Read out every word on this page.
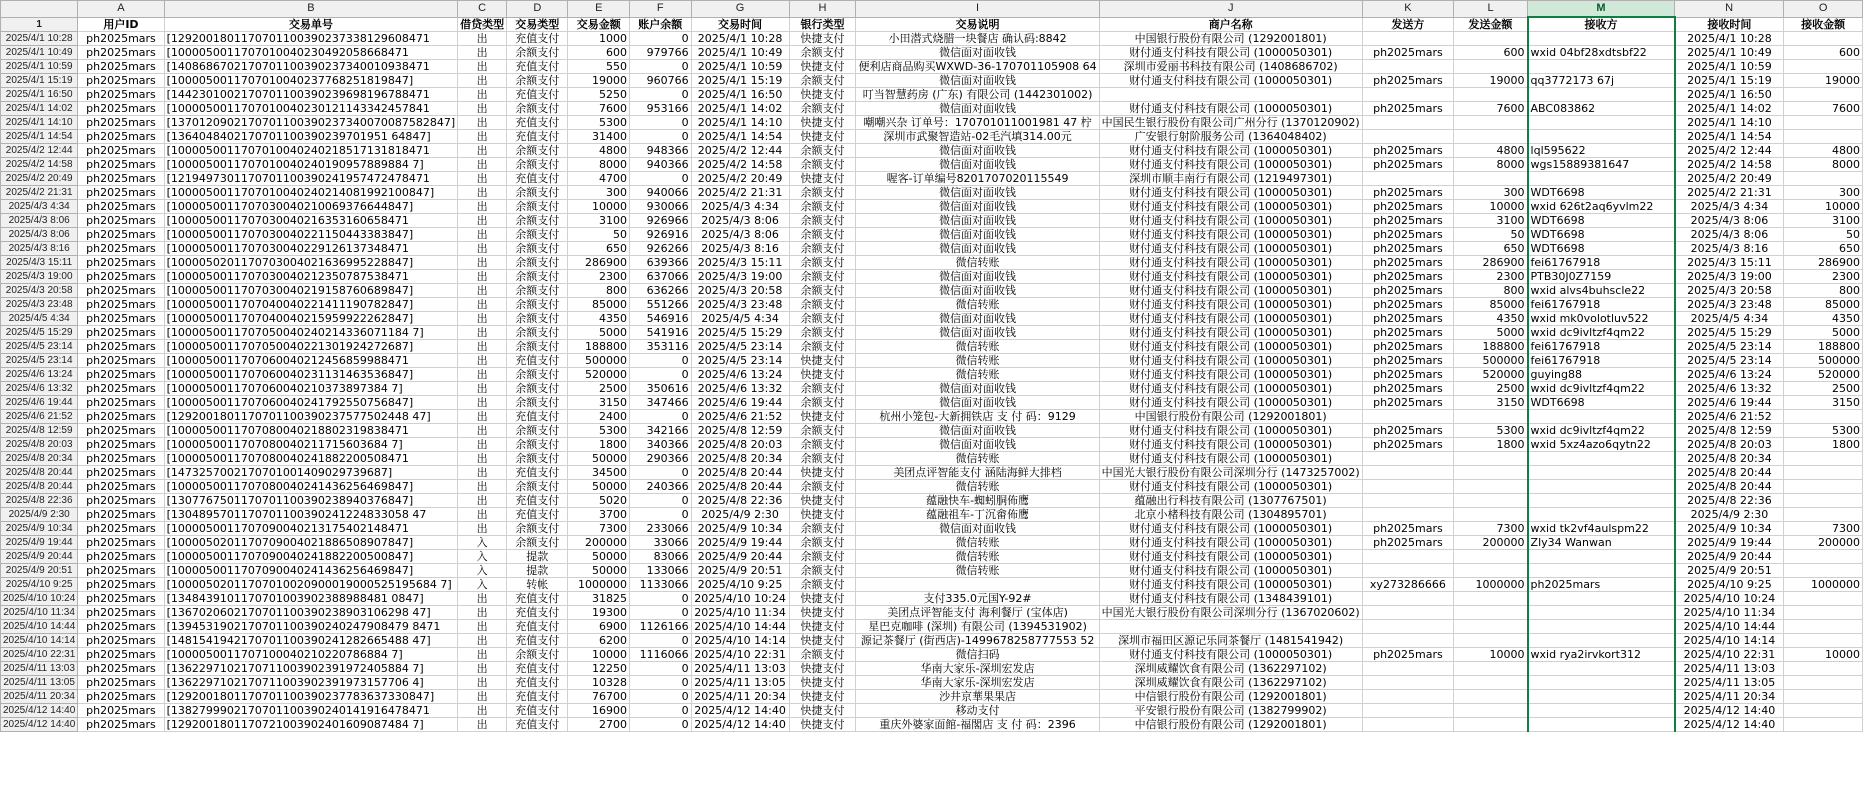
	A	B	C	D	E	F	G	H	I	J	K	L	M	N	O
1	用户ID	交易单号	借贷类型	交易类型	交易金额	账户余额	交易时间	银行类型	交易说明	商户名称	发送方	发送金额	接收方	接收时间	接收金额
2025/4/1 10:28	ph2025mars	[1292001801170701100390237338129608471	出	充值支付	1000	0	2025/4/1 10:28	快捷支付	小田潜式烧腊一块餐店 确认码:8842	中国银行股份有限公司 (1292001801)				2025/4/1 10:28	
2025/4/1 10:49	ph2025mars	[1000050011707010040230492058668471	出	余额支付	600	979766	2025/4/1 10:49	余额支付	微信面对面收钱	财付通支付科技有限公司 (1000050301)	ph2025mars	600	wxid 04bf28xdtsbf22	2025/4/1 10:49	600
2025/4/1 10:59	ph2025mars	[1408686702170701100390237340010938471	出	充值支付	550	0	2025/4/1 10:59	快捷支付	便利店商品购买WXWD-36-170701105908 64	深圳市爱丽书科技有限公司 (1408686702)				2025/4/1 10:59	
2025/4/1 15:19	ph2025mars	[1000050011707010040237768251819847]	出	余额支付	19000	960766	2025/4/1 15:19	余额支付	微信面对面收钱	财付通支付科技有限公司 (1000050301)	ph2025mars	19000	qq3772173 67j	2025/4/1 15:19	19000
2025/4/1 16:50	ph2025mars	[1442301002170701100390239698196788471	出	充值支付	5250	0	2025/4/1 16:50	快捷支付	叮当智慧药房 (广东) 有限公司 (1442301002)					2025/4/1 16:50	
2025/4/1 14:02	ph2025mars	[1000050011707010040230121143342457841	出	余额支付	7600	953166	2025/4/1 14:02	余额支付	微信面对面收钱	财付通支付科技有限公司 (1000050301)	ph2025mars	7600	ABC083862	2025/4/1 14:02	7600
2025/4/1 14:10	ph2025mars	[1370120902170701100390237340070087582847]	出	充值支付	5300	0	2025/4/1 14:10	快捷支付	嘲嘲兴杂 订单号：170701011001981 47 柠	中国民生银行股份有限公司广州分行 (1370120902)				2025/4/1 14:10	
2025/4/1 14:54	ph2025mars	[1364048402170701100390239701951 64847]	出	充值支付	31400	0	2025/4/1 14:54	快捷支付	深圳市武聚智造站-02毛汽填314.00元	广安银行射阶服务公司 (1364048402)				2025/4/1 14:54	
2025/4/2 12:44	ph2025mars	[1000050011707010040240218517131818471	出	余额支付	4800	948366	2025/4/2 12:44	余额支付	微信面对面收钱	财付通支付科技有限公司 (1000050301)	ph2025mars	4800	lql595622	2025/4/2 12:44	4800
2025/4/2 14:58	ph2025mars	[1000050011707010040240190957889884 7]	出	余额支付	8000	940366	2025/4/2 14:58	余额支付	微信面对面收钱	财付通支付科技有限公司 (1000050301)	ph2025mars	8000	wgs15889381647	2025/4/2 14:58	8000
2025/4/2 20:49	ph2025mars	[1219497301170701100390241957472478471	出	充值支付	4700	0	2025/4/2 20:49	快捷支付	喔客-订单编号8201707020115549	深圳市顺丰南行有限公司 (1219497301)				2025/4/2 20:49	
2025/4/2 21:31	ph2025mars	[1000050011707010040240214081992100847]	出	余额支付	300	940066	2025/4/2 21:31	余额支付	微信面对面收钱	财付通支付科技有限公司 (1000050301)	ph2025mars	300	WDT6698	2025/4/2 21:31	300
2025/4/3 4:34	ph2025mars	[1000050011707030040210069376644847]	出	余额支付	10000	930066	2025/4/3 4:34	余额支付	微信面对面收钱	财付通支付科技有限公司 (1000050301)	ph2025mars	10000	wxid 626t2aq6yvlm22	2025/4/3 4:34	10000
2025/4/3 8:06	ph2025mars	[1000050011707030040216353160658471	出	余额支付	3100	926966	2025/4/3 8:06	余额支付	微信面对面收钱	财付通支付科技有限公司 (1000050301)	ph2025mars	3100	WDT6698	2025/4/3 8:06	3100
2025/4/3 8:06	ph2025mars	[1000050011707030040221150443383847]	出	余额支付	50	926916	2025/4/3 8:06	余额支付	微信面对面收钱	财付通支付科技有限公司 (1000050301)	ph2025mars	50	WDT6698	2025/4/3 8:06	50
2025/4/3 8:16	ph2025mars	[1000050011707030040229126137348471	出	余额支付	650	926266	2025/4/3 8:16	余额支付	微信面对面收钱	财付通支付科技有限公司 (1000050301)	ph2025mars	650	WDT6698	2025/4/3 8:16	650
2025/4/3 15:11	ph2025mars	[1000050201170703004021636995228847]	出	余额支付	286900	639366	2025/4/3 15:11	余额支付	微信转账	财付通支付科技有限公司 (1000050301)	ph2025mars	286900	fei61767918	2025/4/3 15:11	286900
2025/4/3 19:00	ph2025mars	[1000050011707030040212350787538471	出	余额支付	2300	637066	2025/4/3 19:00	余额支付	微信面对面收钱	财付通支付科技有限公司 (1000050301)	ph2025mars	2300	PTB30J0Z7159	2025/4/3 19:00	2300
2025/4/3 20:58	ph2025mars	[1000050011707030040219158760689847]	出	余额支付	800	636266	2025/4/3 20:58	余额支付	微信面对面收钱	财付通支付科技有限公司 (1000050301)	ph2025mars	800	wxid alvs4buhscle22	2025/4/3 20:58	800
2025/4/3 23:48	ph2025mars	[1000050011707040040221411190782847]	出	余额支付	85000	551266	2025/4/3 23:48	余额支付	微信转账	财付通支付科技有限公司 (1000050301)	ph2025mars	85000	fei61767918	2025/4/3 23:48	85000
2025/4/5 4:34	ph2025mars	[1000050011707040040215959922262847]	出	余额支付	4350	546916	2025/4/5 4:34	余额支付	微信面对面收钱	财付通支付科技有限公司 (1000050301)	ph2025mars	4350	wxid mk0volotluv522	2025/4/5 4:34	4350
2025/4/5 15:29	ph2025mars	[1000050011707050040240214336071184 7]	出	余额支付	5000	541916	2025/4/5 15:29	余额支付	微信面对面收钱	财付通支付科技有限公司 (1000050301)	ph2025mars	5000	wxid dc9ivltzf4qm22	2025/4/5 15:29	5000
2025/4/5 23:14	ph2025mars	[1000050011707050040221301924272687]	出	余额支付	188800	353116	2025/4/5 23:14	余额支付	微信转账	财付通支付科技有限公司 (1000050301)	ph2025mars	188800	fei61767918	2025/4/5 23:14	188800
2025/4/5 23:14	ph2025mars	[1000050011707060040212456859988471	出	充值支付	500000	0	2025/4/5 23:14	快捷支付	微信转账	财付通支付科技有限公司 (1000050301)	ph2025mars	500000	fei61767918	2025/4/5 23:14	500000
2025/4/6 13:24	ph2025mars	[1000050011707060040231131463536847]	出	余额支付	520000	0	2025/4/6 13:24	快捷支付	微信转账	财付通支付科技有限公司 (1000050301)	ph2025mars	520000	guying88	2025/4/6 13:24	520000
2025/4/6 13:32	ph2025mars	[1000050011707060040210373897384 7]	出	余额支付	2500	350616	2025/4/6 13:32	余额支付	微信面对面收钱	财付通支付科技有限公司 (1000050301)	ph2025mars	2500	wxid dc9ivltzf4qm22	2025/4/6 13:32	2500
2025/4/6 19:44	ph2025mars	[1000050011707060040241792550756847]	出	余额支付	3150	347466	2025/4/6 19:44	余额支付	微信面对面收钱	财付通支付科技有限公司 (1000050301)	ph2025mars	3150	WDT6698	2025/4/6 19:44	3150
2025/4/6 21:52	ph2025mars	[1292001801170701100390237577502448 47]	出	充值支付	2400	0	2025/4/6 21:52	快捷支付	杭州小笼包-大新拥铁店 支 付 码：9129	中国银行股份有限公司 (1292001801)				2025/4/6 21:52	
2025/4/8 12:59	ph2025mars	[1000050011707080040218802319838471	出	余额支付	5300	342166	2025/4/8 12:59	余额支付	微信面对面收钱	财付通支付科技有限公司 (1000050301)	ph2025mars	5300	wxid dc9ivltzf4qm22	2025/4/8 12:59	5300
2025/4/8 20:03	ph2025mars	[1000050011707080040211715603684 7]	出	余额支付	1800	340366	2025/4/8 20:03	余额支付	微信面对面收钱	财付通支付科技有限公司 (1000050301)	ph2025mars	1800	wxid 5xz4azo6qytn22	2025/4/8 20:03	1800
2025/4/8 20:34	ph2025mars	[1000050011707080040241882200508471	出	余额支付	50000	290366	2025/4/8 20:34	余额支付	微信转账	财付通支付科技有限公司 (1000050301)				2025/4/8 20:34	
2025/4/8 20:44	ph2025mars	[1473257002170701001409029739687]	出	充值支付	34500	0	2025/4/8 20:44	快捷支付	美团点评智能支付 涵陆海鲜大排档	中国光大银行股份有限公司深圳分行 (1473257002)				2025/4/8 20:44	
2025/4/8 20:44	ph2025mars	[1000050011707080040241436256469847]	出	余额支付	50000	240366	2025/4/8 20:44	余额支付	微信转账	财付通支付科技有限公司 (1000050301)				2025/4/8 20:44	
2025/4/8 22:36	ph2025mars	[1307767501170701100390238940376847]	出	充值支付	5020	0	2025/4/8 22:36	快捷支付	蕴融快车-蜘蚓胴佈鹰	蕴融出行科技有限公司 (1307767501)				2025/4/8 22:36	
2025/4/9 2:30	ph2025mars	[1304895701170701100390241224833058 47	出	充值支付	3700	0	2025/4/9 2:30	快捷支付	蕴融祖车-丁沉畲佈鹰	北京小楮科技有限公司 (1304895701)				2025/4/9 2:30	
2025/4/9 10:34	ph2025mars	[1000050011707090040213175402148471	出	余额支付	7300	233066	2025/4/9 10:34	余额支付	微信面对面收钱	财付通支付科技有限公司 (1000050301)	ph2025mars	7300	wxid tk2vf4aulspm22	2025/4/9 10:34	7300
2025/4/9 19:44	ph2025mars	[1000050201170709004021886508907847]	入	余额支付	200000	33066	2025/4/9 19:44	余额支付	微信转账	财付通支付科技有限公司 (1000050301)	ph2025mars	200000	Zly34 Wanwan	2025/4/9 19:44	200000
2025/4/9 20:44	ph2025mars	[1000050011707090040241882200500847]	入	提款	50000	83066	2025/4/9 20:44	余额支付	微信转账	财付通支付科技有限公司 (1000050301)				2025/4/9 20:44	
2025/4/9 20:51	ph2025mars	[1000050011707090040241436256469847]	入	提款	50000	133066	2025/4/9 20:51	余额支付	微信转账	财付通支付科技有限公司 (1000050301)				2025/4/9 20:51	
2025/4/10 9:25	ph2025mars	[10000502011707010020900019000525195684 7]	入	转帐	1000000	1133066	2025/4/10 9:25	余额支付		财付通支付科技有限公司 (1000050301)	xy273286666	1000000	ph2025mars	2025/4/10 9:25	1000000
2025/4/10 10:24	ph2025mars	[1348439101170701003902388988481 0847]	出	充值支付	31825	0	2025/4/10 10:24	快捷支付	支付335.0元国Y-92#	财付通支付科技有限公司 (1348439101)				2025/4/10 10:24	
2025/4/10 11:34	ph2025mars	[1367020602170701100390238903106298 47]	出	充值支付	19300	0	2025/4/10 11:34	快捷支付	美团点评智能支付 海利餐厅 (宝体店)	中国光大银行股份有限公司深圳分行 (1367020602)				2025/4/10 11:34	
2025/4/10 14:44	ph2025mars	[1394531902170701100390240247908479 8471	出	充值支付	6900	1126166	2025/4/10 14:44	快捷支付	星巴克咖啡 (深圳) 有限公司 (1394531902)					2025/4/10 14:44	
2025/4/10 14:14	ph2025mars	[1481541942170701100390241282665488 47]	出	充值支付	6200	0	2025/4/10 14:14	快捷支付	源记茶餐厅 (街西店)-1499678258777553 52	深圳市福田区源记乐同茶餐厅 (1481541942)				2025/4/10 14:14	
2025/4/10 22:31	ph2025mars	[1000050011707100040210220786884 7]	出	余额支付	10000	1116066	2025/4/10 22:31	余额支付	微信扫码	财付通支付科技有限公司 (1000050301)	ph2025mars	10000	wxid rya2irvkort312	2025/4/10 22:31	10000
2025/4/11 13:03	ph2025mars	[1362297102170711003902391972405884 7]	出	充值支付	12250	0	2025/4/11 13:03	快捷支付	华南大家乐-深圳宏发店	深圳威耀饮食有限公司 (1362297102)				2025/4/11 13:03	
2025/4/11 13:05	ph2025mars	[1362297102170711003902391973157706 4]	出	充值支付	10328	0	2025/4/11 13:05	快捷支付	华南大家乐-深圳宏发店	深圳威耀饮食有限公司 (1362297102)				2025/4/11 13:05	
2025/4/11 20:34	ph2025mars	[1292001801170701100390237783637330847]	出	充值支付	76700	0	2025/4/11 20:34	快捷支付	沙井京華果果店	中信银行股份有限公司 (1292001801)				2025/4/11 20:34	
2025/4/12 14:40	ph2025mars	[1382799902170701100390240141916478471	出	充值支付	16900	0	2025/4/12 14:40	快捷支付	移动支付	平安银行股份有限公司 (1382799902)				2025/4/12 14:40	
2025/4/12 14:40	ph2025mars	[1292001801170721003902401609087484 7]	出	充值支付	2700	0	2025/4/12 14:40	快捷支付	重庆外婆家面館-福閣店 支 付 码：2396	中信银行股份有限公司 (1292001801)				2025/4/12 14:40	
